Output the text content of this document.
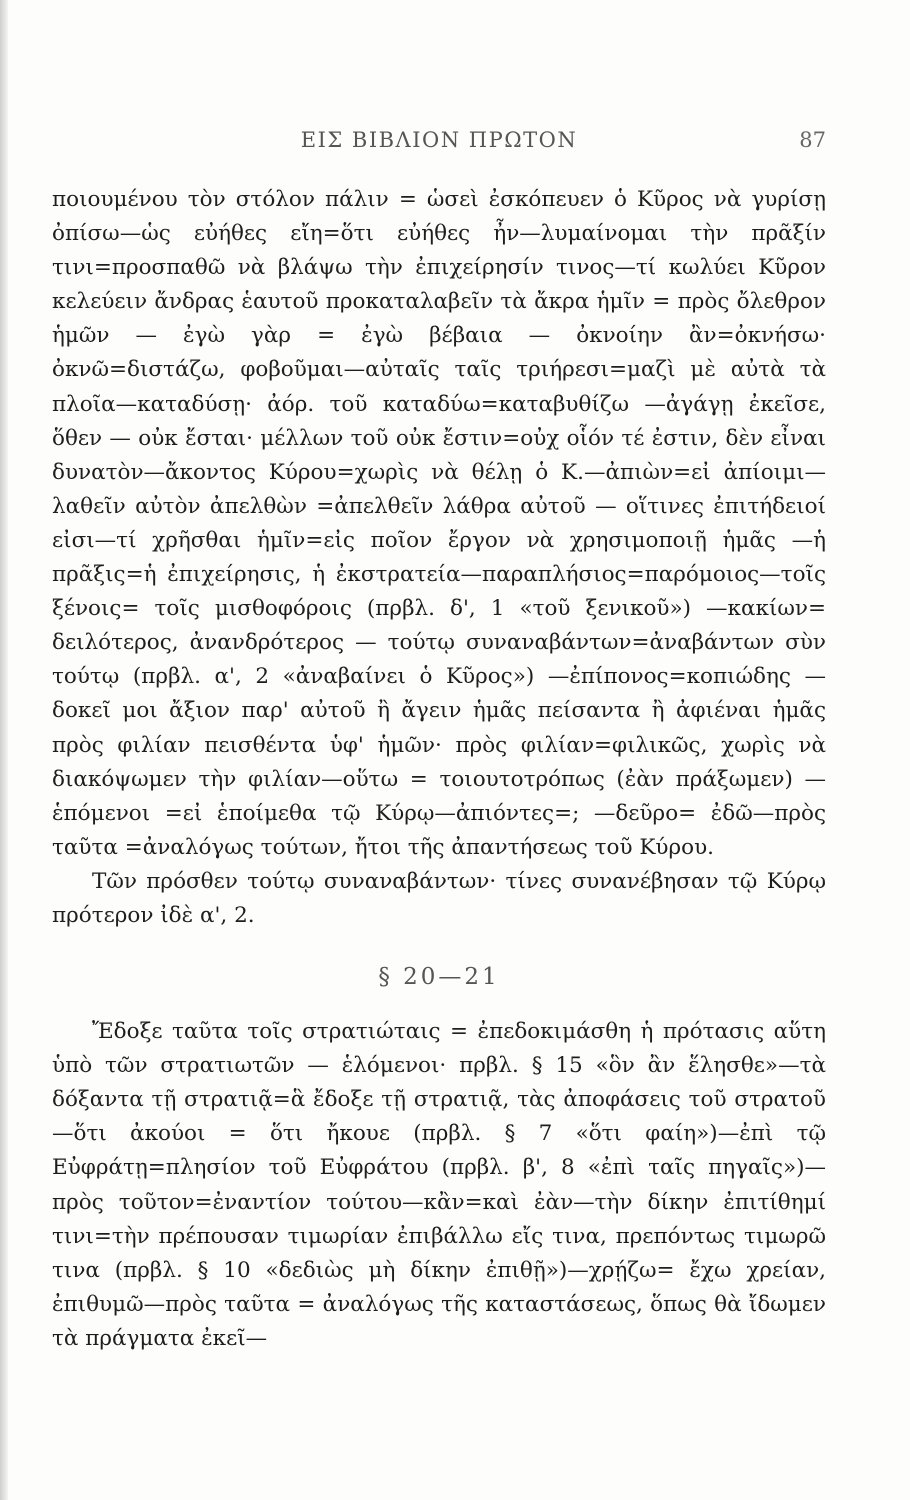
ΕΙΣ ΒΙΒΛΙΟΝ ΠΡΩΤΟΝ	87

ποιουμένου τὸν στόλον πάλιν = ὡσεὶ ἐσκόπευεν ὁ Κῦρος νὰ γυρίσῃ ὀπίσω—ὡς εὐήθες εἴη=ὅτι εὐήθες ἦν—λυμαίνομαι τὴν πρᾶξίν τινι=προσπαθῶ νὰ βλάψω τὴν ἐπιχείρησίν τινος—τί κωλύει Κῦρον κελεύειν ἄνδρας ἑαυτοῦ προκαταλαβεῖν τὰ ἄκρα ἡμῖν = πρὸς ὄλεθρον ἡμῶν — ἐγὼ γὰρ = ἐγὼ βέβαια — ὀκνοίην ἂν=ὀκνήσω· ὀκνῶ=διστάζω, φοβοῦμαι—αὐταῖς ταῖς τριήρεσι=μαζὶ μὲ αὐτὰ τὰ πλοῖα—καταδύσῃ· ἀόρ. τοῦ καταδύω=καταβυθίζω —ἀγάγῃ ἐκεῖσε, ὅθεν — οὐκ ἔσται· μέλλων τοῦ οὐκ ἔστιν=οὐχ οἷόν τέ ἐστιν, δὲν εἶναι δυνατὸν—ἄκοντος Κύρου=χωρὶς νὰ θέλῃ ὁ Κ.—ἀπιὼν=εἰ ἀπίοιμι—λαθεῖν αὐτὸν ἀπελθὼν =ἀπελθεῖν λάθρα αὐτοῦ — οἵτινες ἐπιτήδειοί εἰσι—τί χρῆσθαι ἡμῖν=εἰς ποῖον ἔργον νὰ χρησιμοποιῇ ἡμᾶς —ἡ πρᾶξις=ἡ ἐπιχείρησις, ἡ ἐκστρατεία—παραπλήσιος=παρόμοιος—τοῖς ξένοις= τοῖς μισθοφόροις (πρβλ. δ', 1 «τοῦ ξενικοῦ») —κακίων= δειλότερος, ἀνανδρότερος — τούτῳ συναναβάντων=ἀναβάντων σὺν τούτῳ (πρβλ. α', 2 «ἀναβαίνει ὁ Κῦρος») —ἐπίπονος=κοπιώδης — δοκεῖ μοι ἄξιον παρ' αὐτοῦ ἢ ἄγειν ἡμᾶς πείσαντα ἢ ἀφιέναι ἡμᾶς πρὸς φιλίαν πεισθέντα ὑφ' ἡμῶν· πρὸς φιλίαν=φιλικῶς, χωρὶς νὰ διακόψωμεν τὴν φιλίαν—οὕτω = τοιουτοτρόπως (ἐὰν πράξωμεν) — ἑπόμενοι =εἰ ἑποίμεθα τῷ Κύρῳ—ἀπιόντες=; —δεῦρο= ἐδῶ—πρὸς ταῦτα =ἀναλόγως τούτων, ἤτοι τῆς ἀπαντήσεως τοῦ Κύρου.

Τῶν πρόσθεν τούτῳ συναναβάντων· τίνες συνανέβησαν τῷ Κύρῳ πρότερον ἰδὲ α', 2.

§ 20—21

Ἔδοξε ταῦτα τοῖς στρατιώταις = ἐπεδοκιμάσθη ἡ πρότασις αὕτη ὑπὸ τῶν στρατιωτῶν — ἑλόμενοι· πρβλ. § 15 «ὃν ἂν ἕλησθε»—τὰ δόξαντα τῇ στρατιᾷ=ἃ ἔδοξε τῇ στρατιᾷ, τὰς ἀποφάσεις τοῦ στρατοῦ—ὅτι ἀκούοι = ὅτι ἤκουε (πρβλ. § 7 «ὅτι φαίη»)—ἐπὶ τῷ Εὐφράτῃ=πλησίον τοῦ Εὐφράτου (πρβλ. β', 8 «ἐπὶ ταῖς πηγαῖς»)—πρὸς τοῦτον=ἐναντίον τούτου—κἂν=καὶ ἐὰν—τὴν δίκην ἐπιτίθημί τινι=τὴν πρέπουσαν τιμωρίαν ἐπιβάλλω εἴς τινα, πρεπόντως τιμωρῶ τινα (πρβλ. § 10 «δεδιὼς μὴ δίκην ἐπιθῇ»)—χρῄζω= ἔχω χρείαν, ἐπιθυμῶ—πρὸς ταῦτα = ἀναλόγως τῆς καταστάσεως, ὅπως θὰ ἴδωμεν τὰ πράγματα ἐκεῖ—
